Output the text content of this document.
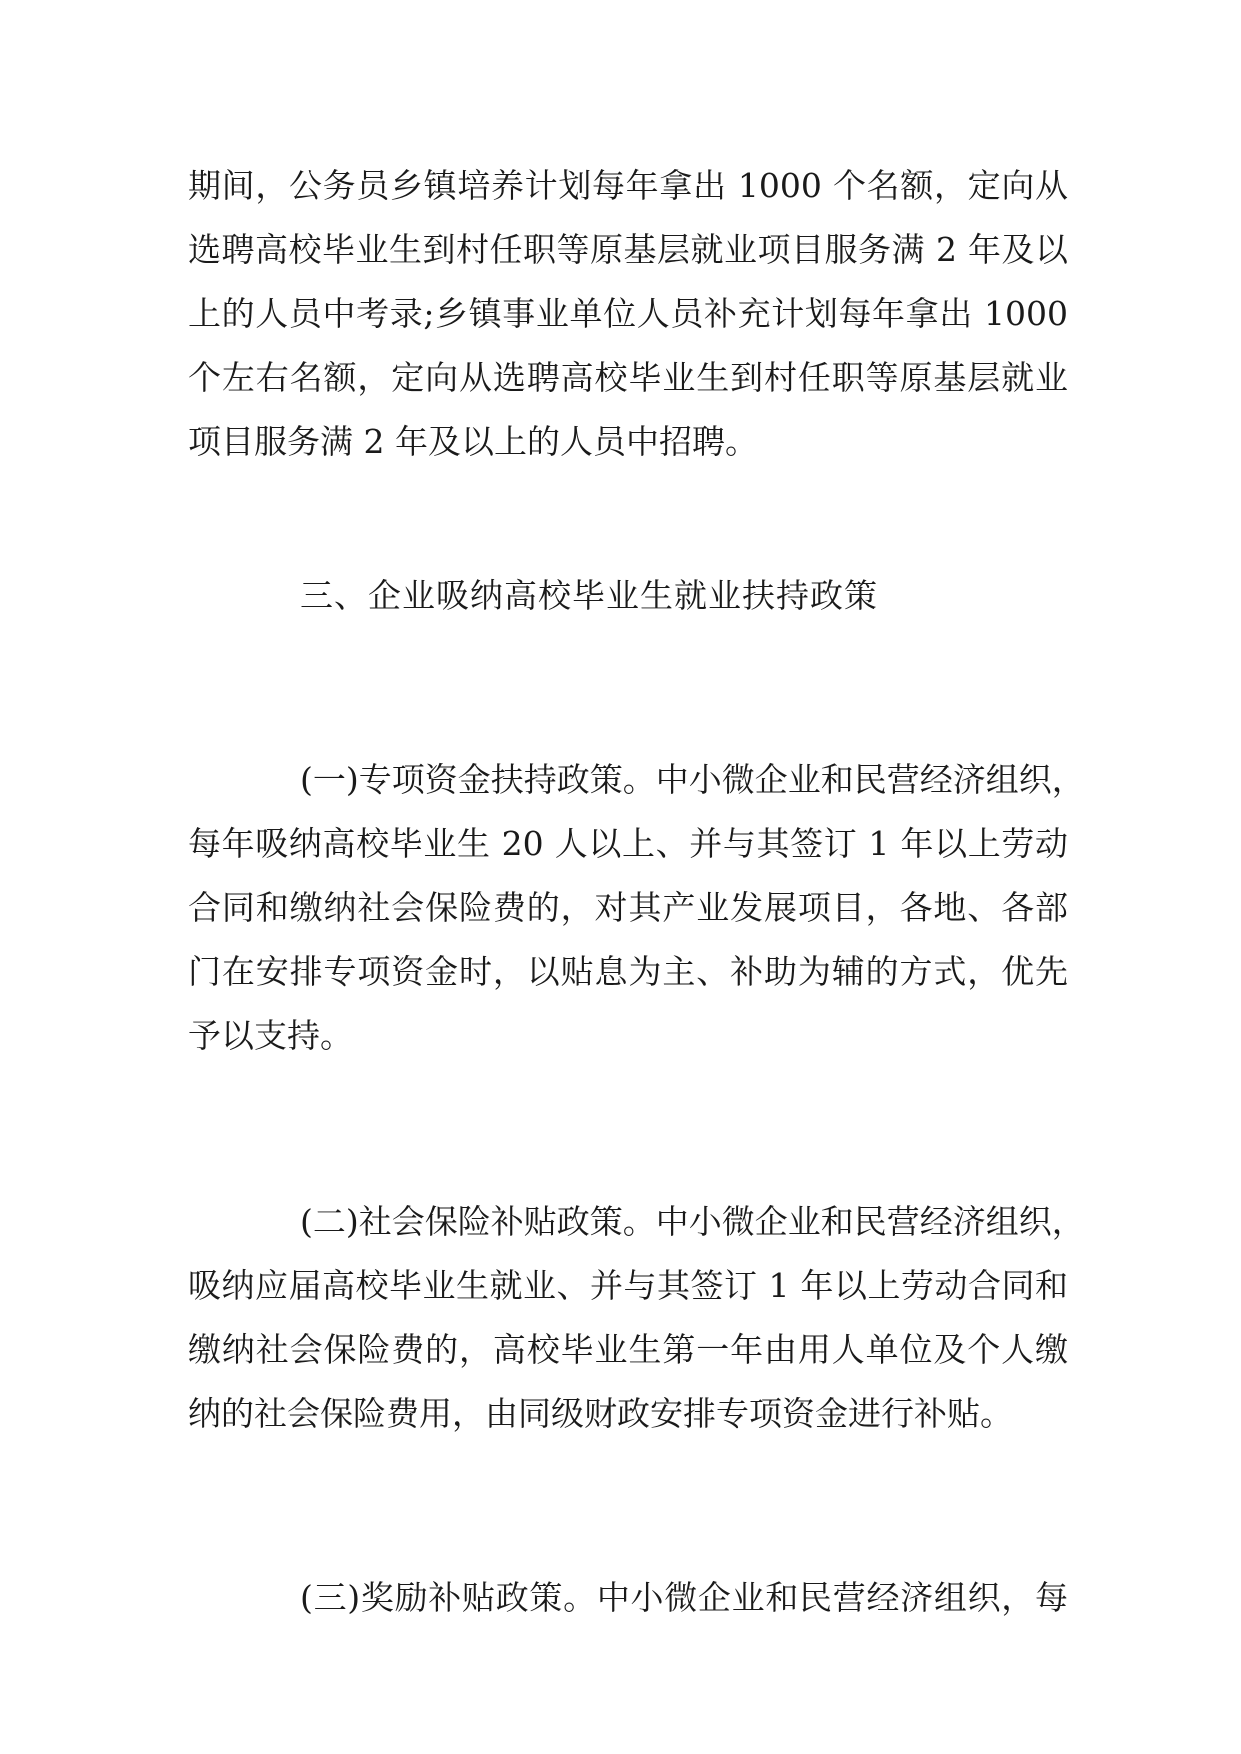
期间，公务员乡镇培养计划每年拿出 1000 个名额，定向从
选聘高校毕业生到村任职等原基层就业项目服务满 2 年及以
上的人员中考录;乡镇事业单位人员补充计划每年拿出 1000
个左右名额，定向从选聘高校毕业生到村任职等原基层就业
项目服务满 2 年及以上的人员中招聘。
三、企业吸纳高校毕业生就业扶持政策
(一)专项资金扶持政策。中小微企业和民营经济组织，
每年吸纳高校毕业生 20 人以上、并与其签订 1 年以上劳动
合同和缴纳社会保险费的，对其产业发展项目，各地、各部
门在安排专项资金时，以贴息为主、补助为辅的方式，优先
予以支持。
(二)社会保险补贴政策。中小微企业和民营经济组织，
吸纳应届高校毕业生就业、并与其签订 1 年以上劳动合同和
缴纳社会保险费的，高校毕业生第一年由用人单位及个人缴
纳的社会保险费用，由同级财政安排专项资金进行补贴。
(三)奖励补贴政策。中小微企业和民营经济组织，每
